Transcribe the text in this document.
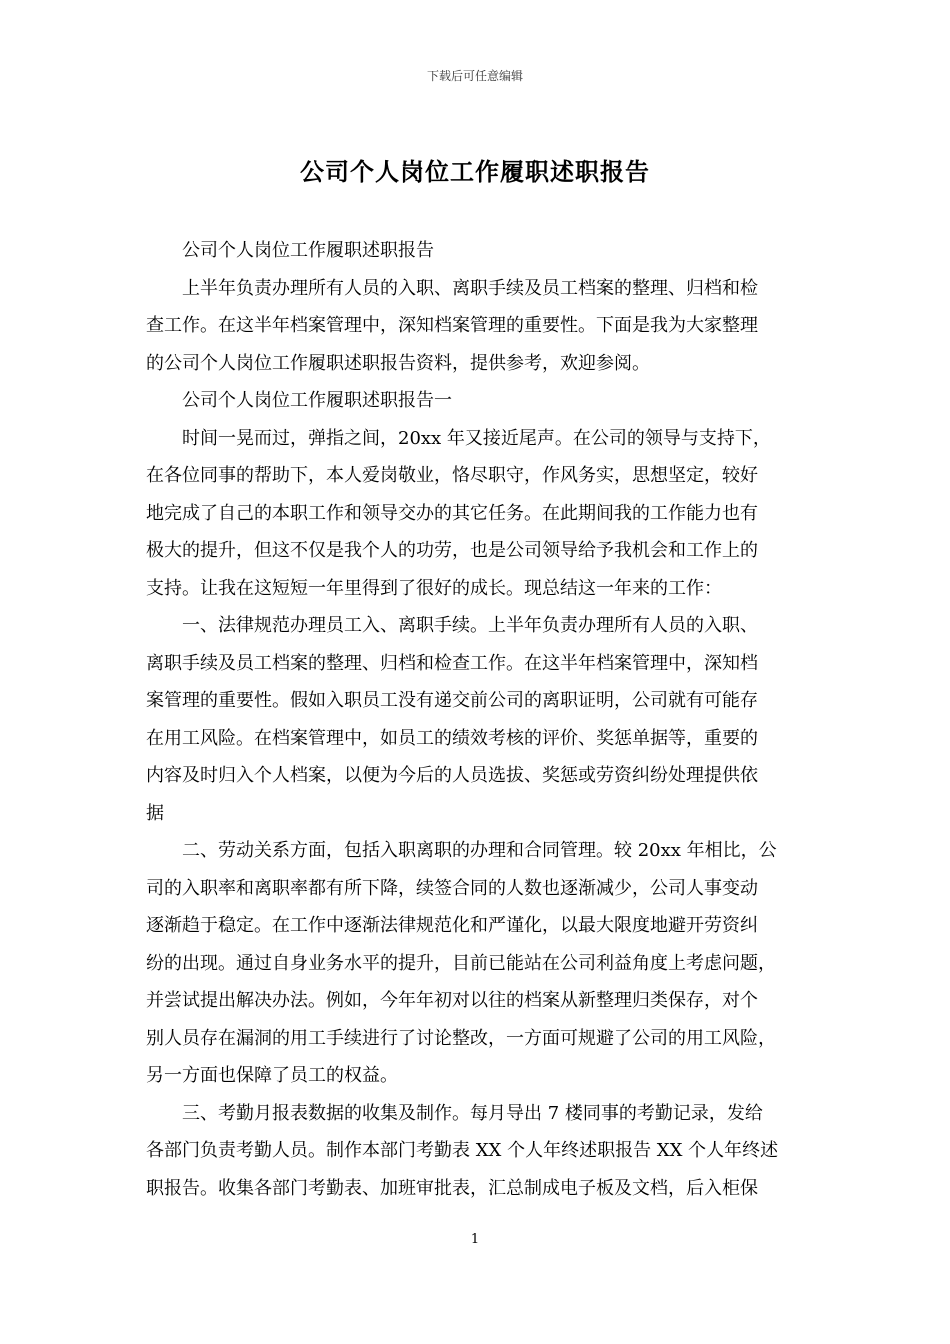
下载后可任意编辑
公司个人岗位工作履职述职报告

公司个人岗位工作履职述职报告

上半年负责办理所有人员的入职、离职手续及员工档案的整理、归档和检
查工作。在这半年档案管理中，深知档案管理的重要性。下面是我为大家整理
的公司个人岗位工作履职述职报告资料，提供参考，欢迎参阅。

公司个人岗位工作履职述职报告一

时间一晃而过，弹指之间，20xx 年又接近尾声。在公司的领导与支持下，
在各位同事的帮助下，本人爱岗敬业，恪尽职守，作风务实，思想坚定，较好
地完成了自己的本职工作和领导交办的其它任务。在此期间我的工作能力也有
极大的提升，但这不仅是我个人的功劳，也是公司领导给予我机会和工作上的
支持。让我在这短短一年里得到了很好的成长。现总结这一年来的工作：

一、法律规范办理员工入、离职手续。上半年负责办理所有人员的入职、
离职手续及员工档案的整理、归档和检查工作。在这半年档案管理中，深知档
案管理的重要性。假如入职员工没有递交前公司的离职证明，公司就有可能存
在用工风险。在档案管理中，如员工的绩效考核的评价、奖惩单据等，重要的
内容及时归入个人档案，以便为今后的人员选拔、奖惩或劳资纠纷处理提供依
据

二、劳动关系方面，包括入职离职的办理和合同管理。较 20xx 年相比，公
司的入职率和离职率都有所下降，续签合同的人数也逐渐减少，公司人事变动
逐渐趋于稳定。在工作中逐渐法律规范化和严谨化，以最大限度地避开劳资纠
纷的出现。通过自身业务水平的提升，目前已能站在公司利益角度上考虑问题，
并尝试提出解决办法。例如，今年年初对以往的档案从新整理归类保存，对个
别人员存在漏洞的用工手续进行了讨论整改，一方面可规避了公司的用工风险，
另一方面也保障了员工的权益。

三、考勤月报表数据的收集及制作。每月导出 7 楼同事的考勤记录，发给
各部门负责考勤人员。制作本部门考勤表 XX 个人年终述职报告 XX 个人年终述
职报告。收集各部门考勤表、加班审批表，汇总制成电子板及文档，后入柜保

1
